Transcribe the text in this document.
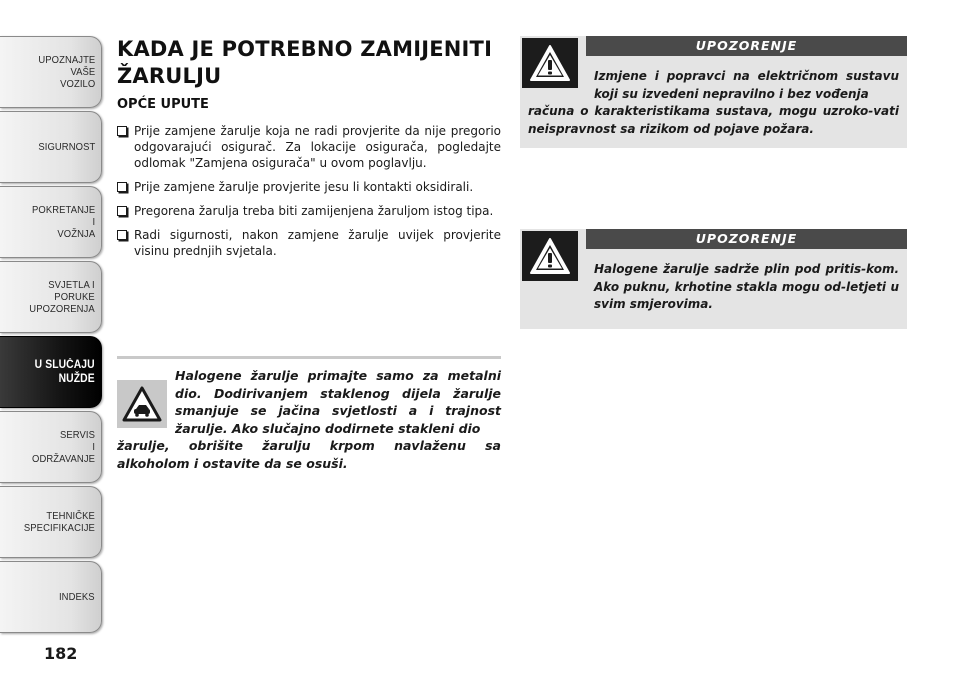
UPOZNAJTE
VAŠE
VOZILO
SIGURNOST
POKRETANJE
I
VOŽNJA
SVJETLA I
PORUKE
UPOZORENJA
U SLUČAJU
NUŽDE
SERVIS
I
ODRŽAVANJE
TEHNIČKE
SPECIFIKACIJE
INDEKS
182
KADA JE POTREBNO ZAMIJENITI ŽARULJU
OPĆE UPUTE
Prije zamjene žarulje koja ne radi provjerite da nije pregorio odgovarajući osigurač. Za lokacije osigurača, pogledajte odlomak "Zamjena osigurača" u ovom poglavlju.
Prije zamjene žarulje provjerite jesu li kontakti oksidirali.
Pregorena žarulja treba biti zamijenjena žaruljom istog tipa.
Radi sigurnosti, nakon zamjene žarulje uvijek provjerite visinu prednjih svjetala.

Halogene žarulje primajte samo za metalni dio. Dodirivanjem staklenog dijela žarulje smanjuje se jačina svjetlosti a i trajnost žarulje. Ako slučajno dodirnete stakleni dio
žarulje, obrišite žarulju krpom navlaženu sa alkoholom i ostavite da se osuši.

UPOZORENJE

Izmjene i popravci na električnom sustavu koji su izvedeni nepravilno i bez vođenja
računa o karakteristikama sustava, mogu uzroko-vati neispravnost sa rizikom od pojave požara.

UPOZORENJE

Halogene žarulje sadrže plin pod pritis-kom. Ako puknu, krhotine stakla mogu od-letjeti u svim smjerovima.
